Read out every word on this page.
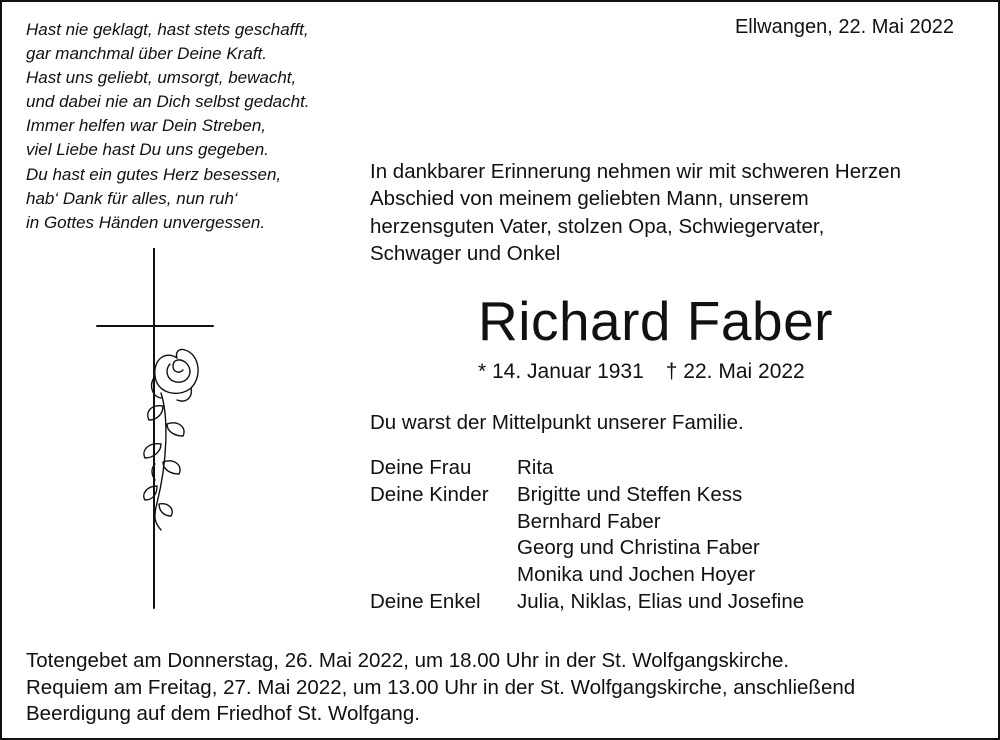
Hast nie geklagt, hast stets geschafft,
gar manchmal über Deine Kraft.
Hast uns geliebt, umsorgt, bewacht,
und dabei nie an Dich selbst gedacht.
Immer helfen war Dein Streben,
viel Liebe hast Du uns gegeben.
Du hast ein gutes Herz besessen,
hab‘ Dank für alles, nun ruh‘
in Gottes Händen unvergessen.
Ellwangen, 22. Mai 2022
In dankbarer Erinnerung nehmen wir mit schweren Herzen
Abschied von meinem geliebten Mann, unserem
herzensguten Vater, stolzen Opa, Schwiegervater,
Schwager und Onkel
Richard Faber
* 14. Januar 1931 † 22. Mai 2022
Du warst der Mittelpunkt unserer Familie.
Deine Frau	Rita
Deine Kinder	Brigitte und Steffen Kess
Bernhard Faber
Georg und Christina Faber
Monika und Jochen Hoyer
Deine Enkel	Julia, Niklas, Elias und Josefine
Totengebet am Donnerstag, 26. Mai 2022, um 18.00 Uhr in der St. Wolfgangskirche.
Requiem am Freitag, 27. Mai 2022, um 13.00 Uhr in der St. Wolfgangskirche, anschließend
Beerdigung auf dem Friedhof St. Wolfgang.
